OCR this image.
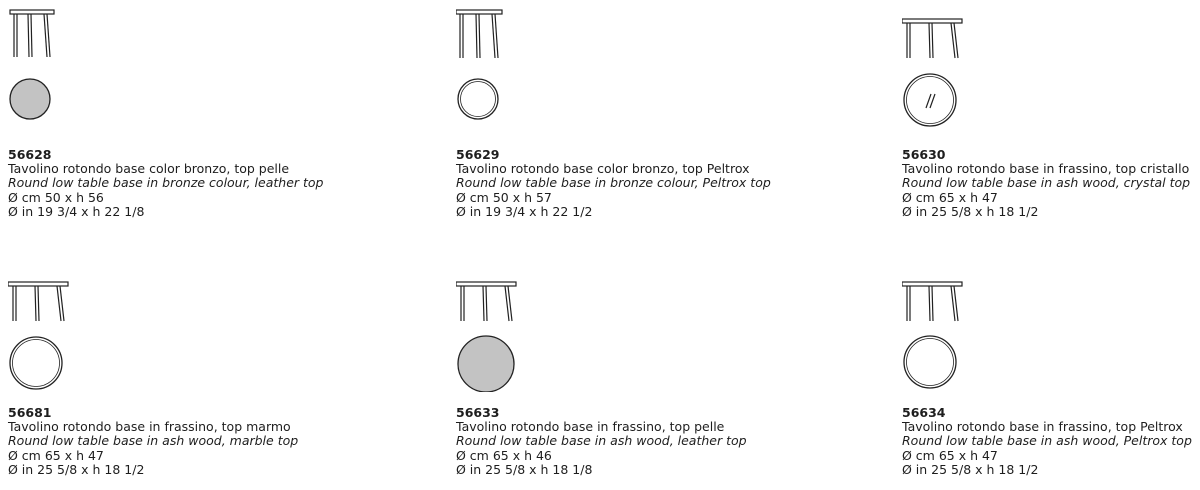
56628
Tavolino rotondo base color bronzo, top pelle
Round low table base in bronze colour, leather top
Ø cm 50 x h 56
Ø in 19 3/4 x h 22 1/8
56629
Tavolino rotondo base color bronzo, top Peltrox
Round low table base in bronze colour, Peltrox top
Ø cm 50 x h 57
Ø in 19 3/4 x h 22 1/2
56630
Tavolino rotondo base in frassino, top cristallo
Round low table base in ash wood, crystal top
Ø cm 65 x h 47
Ø in 25 5/8 x h 18 1/2
56681
Tavolino rotondo base in frassino, top marmo
Round low table base in ash wood, marble top
Ø cm 65 x h 47
Ø in 25 5/8 x h 18 1/2
56633
Tavolino rotondo base in frassino, top pelle
Round low table base in ash wood, leather top
Ø cm 65 x h 46
Ø in 25 5/8 x h 18 1/8
56634
Tavolino rotondo base in frassino, top Peltrox
Round low table base in ash wood, Peltrox top
Ø cm 65 x h 47
Ø in 25 5/8 x h 18 1/2
